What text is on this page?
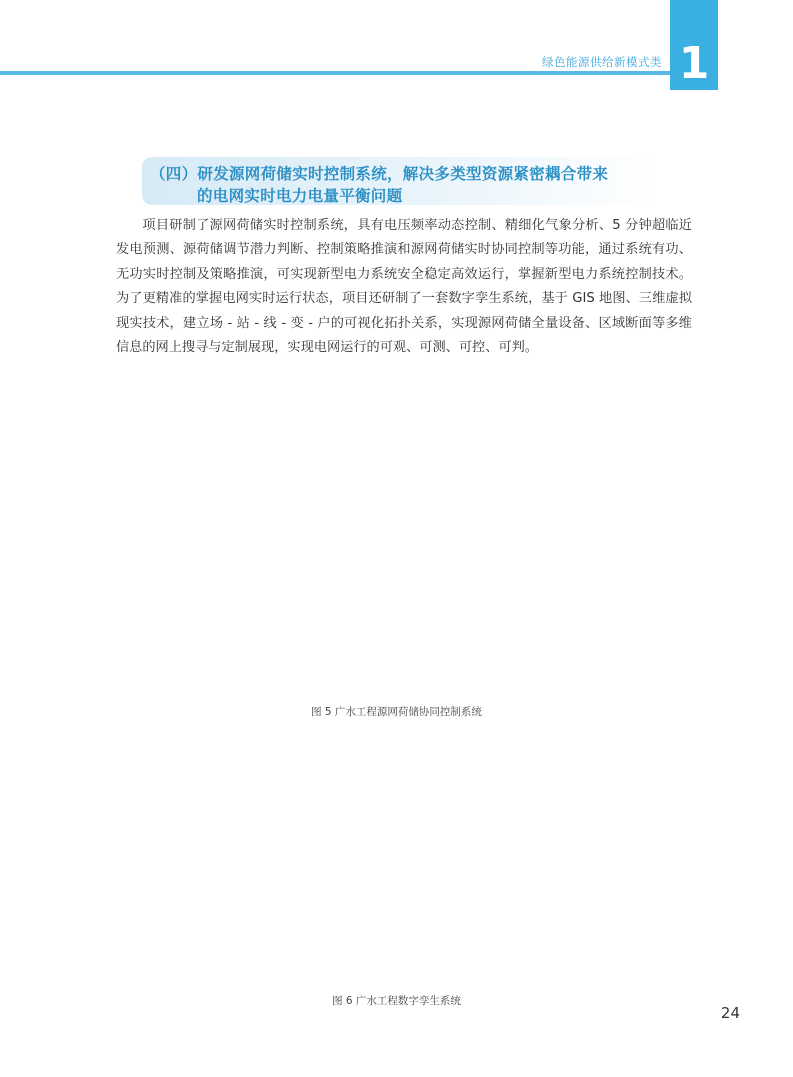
绿色能源供给新模式类 1
（四）研发源网荷储实时控制系统，解决多类型资源紧密耦合带来
的电网实时电力电量平衡问题

项目研制了源网荷储实时控制系统，具有电压频率动态控制、精细化气象分析、5 分钟超临近发电预测、源荷储调节潜力判断、控制策略推演和源网荷储实时协同控制等功能，通过系统有功、无功实时控制及策略推演，可实现新型电力系统安全稳定高效运行，掌握新型电力系统控制技术。为了更精准的掌握电网实时运行状态，项目还研制了一套数字孪生系统，基于 GIS 地图、三维虚拟现实技术，建立场 - 站 - 线 - 变 - 户的可视化拓扑关系，实现源网荷储全量设备、区域断面等多维信息的网上搜寻与定制展现，实现电网运行的可观、可测、可控、可判。

图 5 广水工程源网荷储协同控制系统
图 6 广水工程数字孪生系统
24
